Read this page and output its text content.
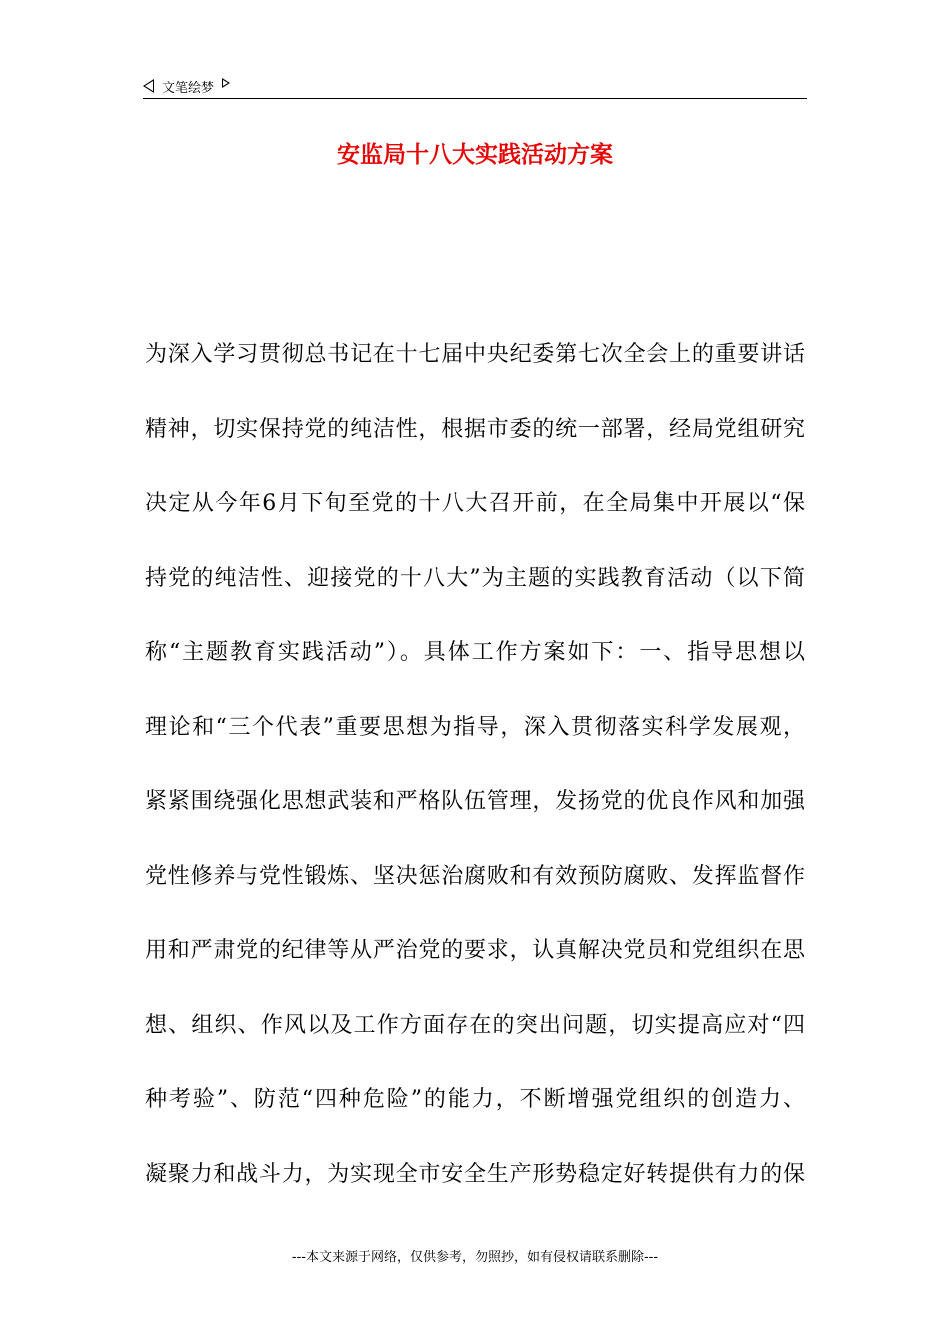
文笔绘梦
安监局十八大实践活动方案
为深入学习贯彻总书记在十七届中央纪委第七次全会上的重要讲话
精神，切实保持党的纯洁性，根据市委的统一部署，经局党组研究
决定从今年6月下旬至党的十八大召开前，在全局集中开展以“保
持党的纯洁性、迎接党的十八大”为主题的实践教育活动（以下简
称“主题教育实践活动”）。具体工作方案如下：一、指导思想以
理论和“三个代表”重要思想为指导，深入贯彻落实科学发展观，
紧紧围绕强化思想武装和严格队伍管理，发扬党的优良作风和加强
党性修养与党性锻炼、坚决惩治腐败和有效预防腐败、发挥监督作
用和严肃党的纪律等从严治党的要求，认真解决党员和党组织在思
想、组织、作风以及工作方面存在的突出问题，切实提高应对“四
种考验”、防范“四种危险”的能力，不断增强党组织的创造力、
凝聚力和战斗力，为实现全市安全生产形势稳定好转提供有力的保
---本文来源于网络，仅供参考，勿照抄，如有侵权请联系删除---
